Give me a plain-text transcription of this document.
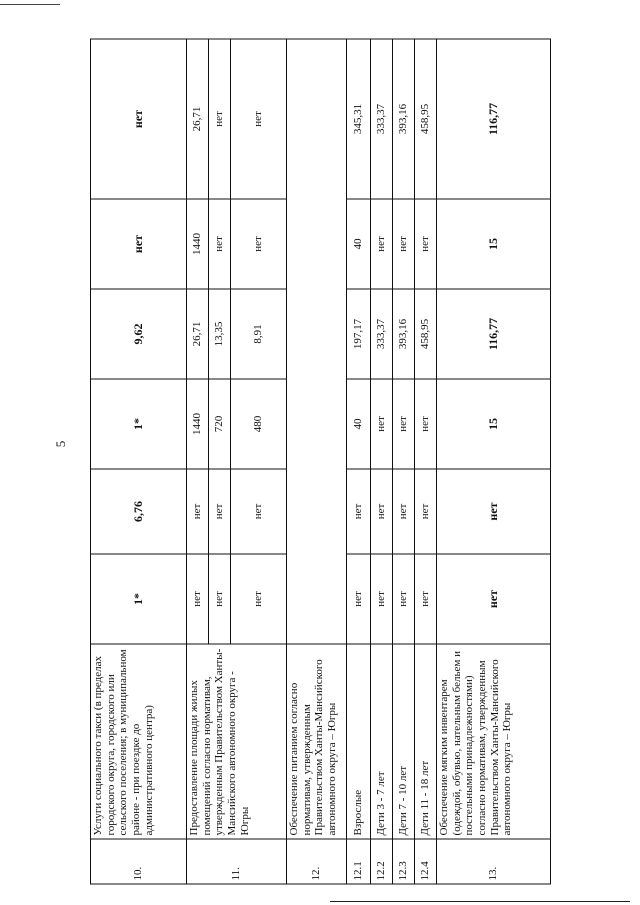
5
10.	Услуги социального такси (в пределах городского округа, городского или сельского поселения; в муниципальном районе - при поездке до административного центра)	1*	6,76	1*	9,62	нет	нет
11.	Предоставление площади жилых помещений согласно нормативам, утвержденным Правительством Ханты-Мансийского автономного округа - Югры	нет	нет	1440	26,71	1440	26,71
		нет	нет	720	13,35	нет	нет
		нет	нет	480	8,91	нет	нет
12.	Обеспечение питанием согласно нормативам, утвержденным Правительством Ханты-Мансийского автономного округа – Югры						
12.1	Взрослые	нет	нет	40	197,17	40	345,31
12.2	Дети 3 - 7 лет	нет	нет	нет	333,37	нет	333,37
12.3	Дети 7 - 10 лет	нет	нет	нет	393,16	нет	393,16
12.4	Дети 11 - 18 лет	нет	нет	нет	458,95	нет	458,95
13.	Обеспечение мягким инвентарем (одеждой, обувью, нательным бельем и постельными принадлежностями) согласно нормативам, утвержденным Правительством Ханты-Мансийского автономного округа – Югры	нет	нет	15	116,77	15	116,77
